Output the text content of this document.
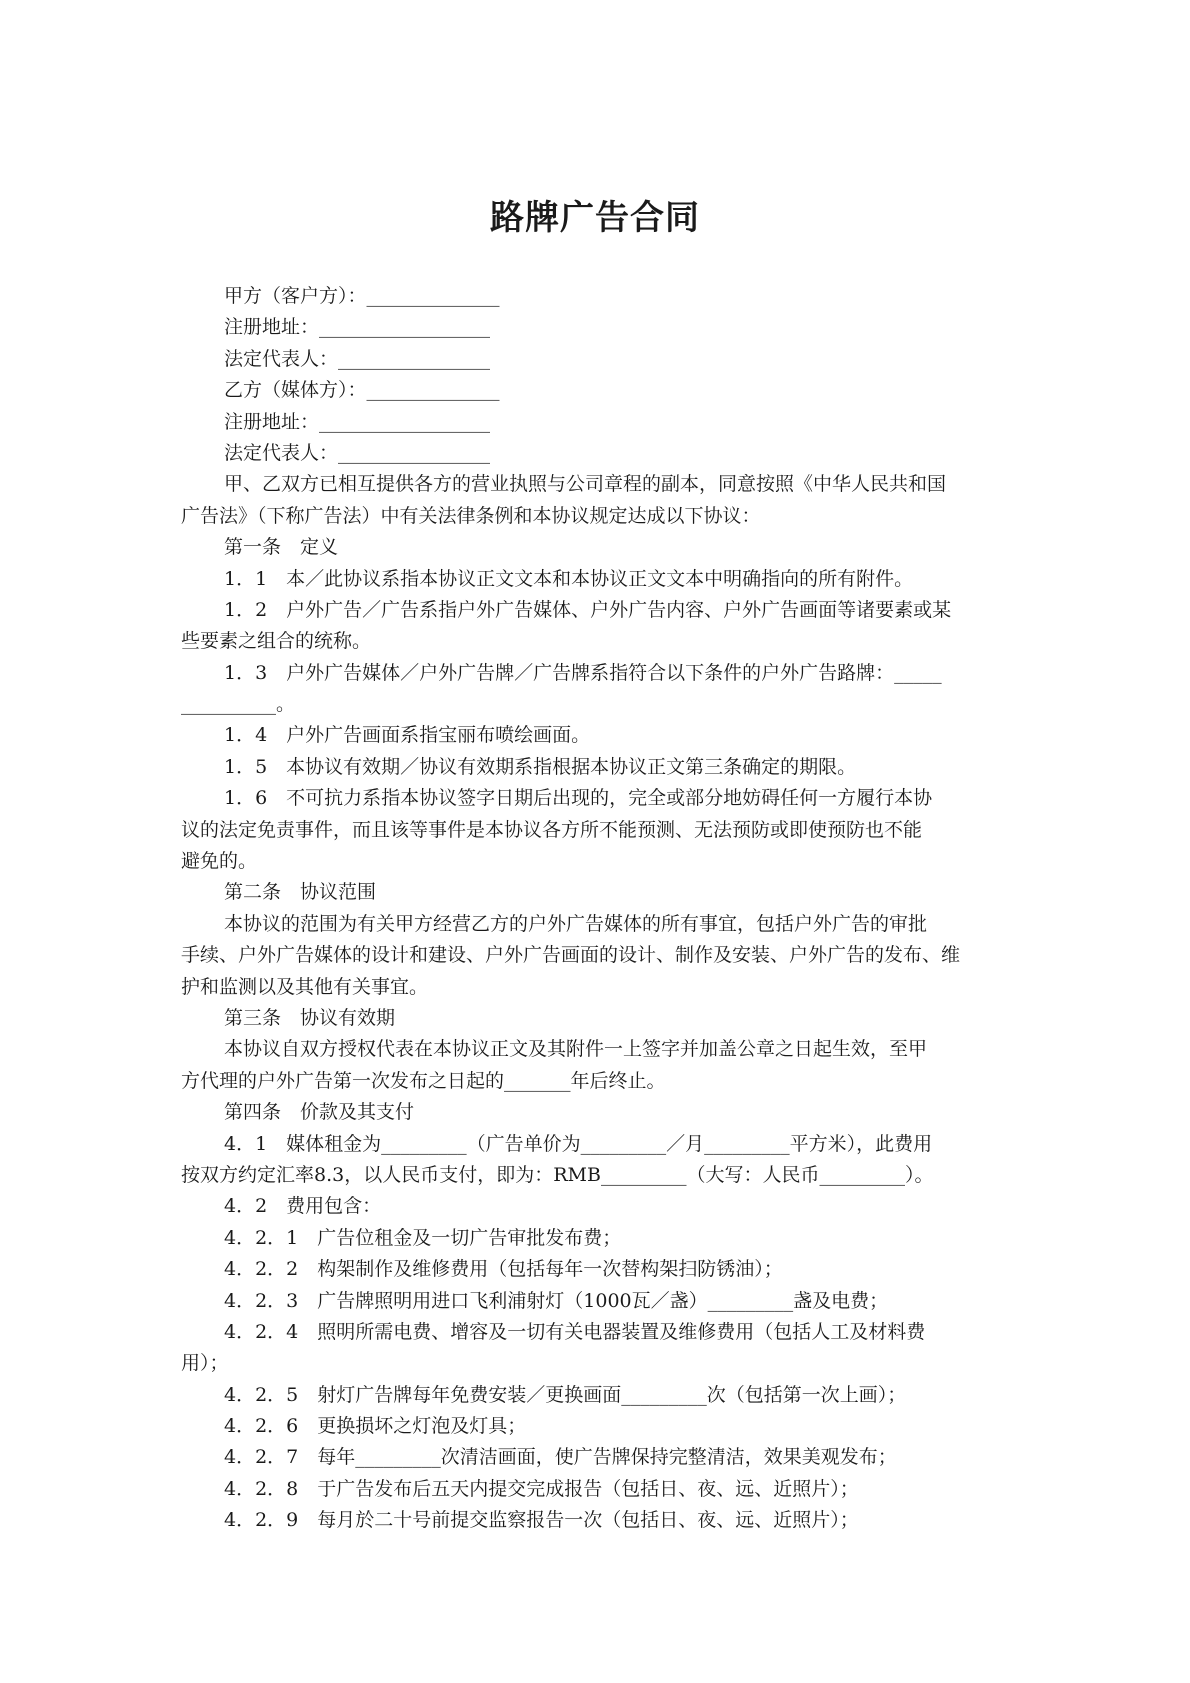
路牌广告合同

甲方（客户方）：______________

注册地址：__________________

法定代表人：________________

乙方（媒体方）：______________

注册地址：__________________

法定代表人：________________

甲、乙双方已相互提供各方的营业执照与公司章程的副本，同意按照《中华人民共和国

广告法》（下称广告法）中有关法律条例和本协议规定达成以下协议：

第一条　定义

1．1　本／此协议系指本协议正文文本和本协议正文文本中明确指向的所有附件。

1．2　户外广告／广告系指户外广告媒体、户外广告内容、户外广告画面等诸要素或某

些要素之组合的统称。

1．3　户外广告媒体／户外广告牌／广告牌系指符合以下条件的户外广告路牌：_____

__________。

1．4　户外广告画面系指宝丽布喷绘画面。

1．5　本协议有效期／协议有效期系指根据本协议正文第三条确定的期限。

1．6　不可抗力系指本协议签字日期后出现的，完全或部分地妨碍任何一方履行本协

议的法定免责事件，而且该等事件是本协议各方所不能预测、无法预防或即使预防也不能

避免的。

第二条　协议范围

本协议的范围为有关甲方经营乙方的户外广告媒体的所有事宜，包括户外广告的审批

手续、户外广告媒体的设计和建设、户外广告画面的设计、制作及安装、户外广告的发布、维

护和监测以及其他有关事宜。

第三条　协议有效期

本协议自双方授权代表在本协议正文及其附件一上签字并加盖公章之日起生效，至甲

方代理的户外广告第一次发布之日起的_______年后终止。

第四条　价款及其支付

4．1　媒体租金为_________（广告单价为_________／月_________平方米），此费用

按双方约定汇率8.3，以人民币支付，即为：RMB_________（大写：人民币_________）。

4．2　费用包含：

4．2．1　广告位租金及一切广告审批发布费；

4．2．2　构架制作及维修费用（包括每年一次替构架扫防锈油）；

4．2．3　广告牌照明用进口飞利浦射灯（1000瓦／盏）_________盏及电费；

4．2．4　照明所需电费、增容及一切有关电器装置及维修费用（包括人工及材料费

用）；

4．2．5　射灯广告牌每年免费安装／更换画面_________次（包括第一次上画）；

4．2．6　更换损坏之灯泡及灯具；

4．2．7　每年_________次清洁画面，使广告牌保持完整清洁，效果美观发布；

4．2．8　于广告发布后五天内提交完成报告（包括日、夜、远、近照片）；

4．2．9　每月於二十号前提交监察报告一次（包括日、夜、远、近照片）；
